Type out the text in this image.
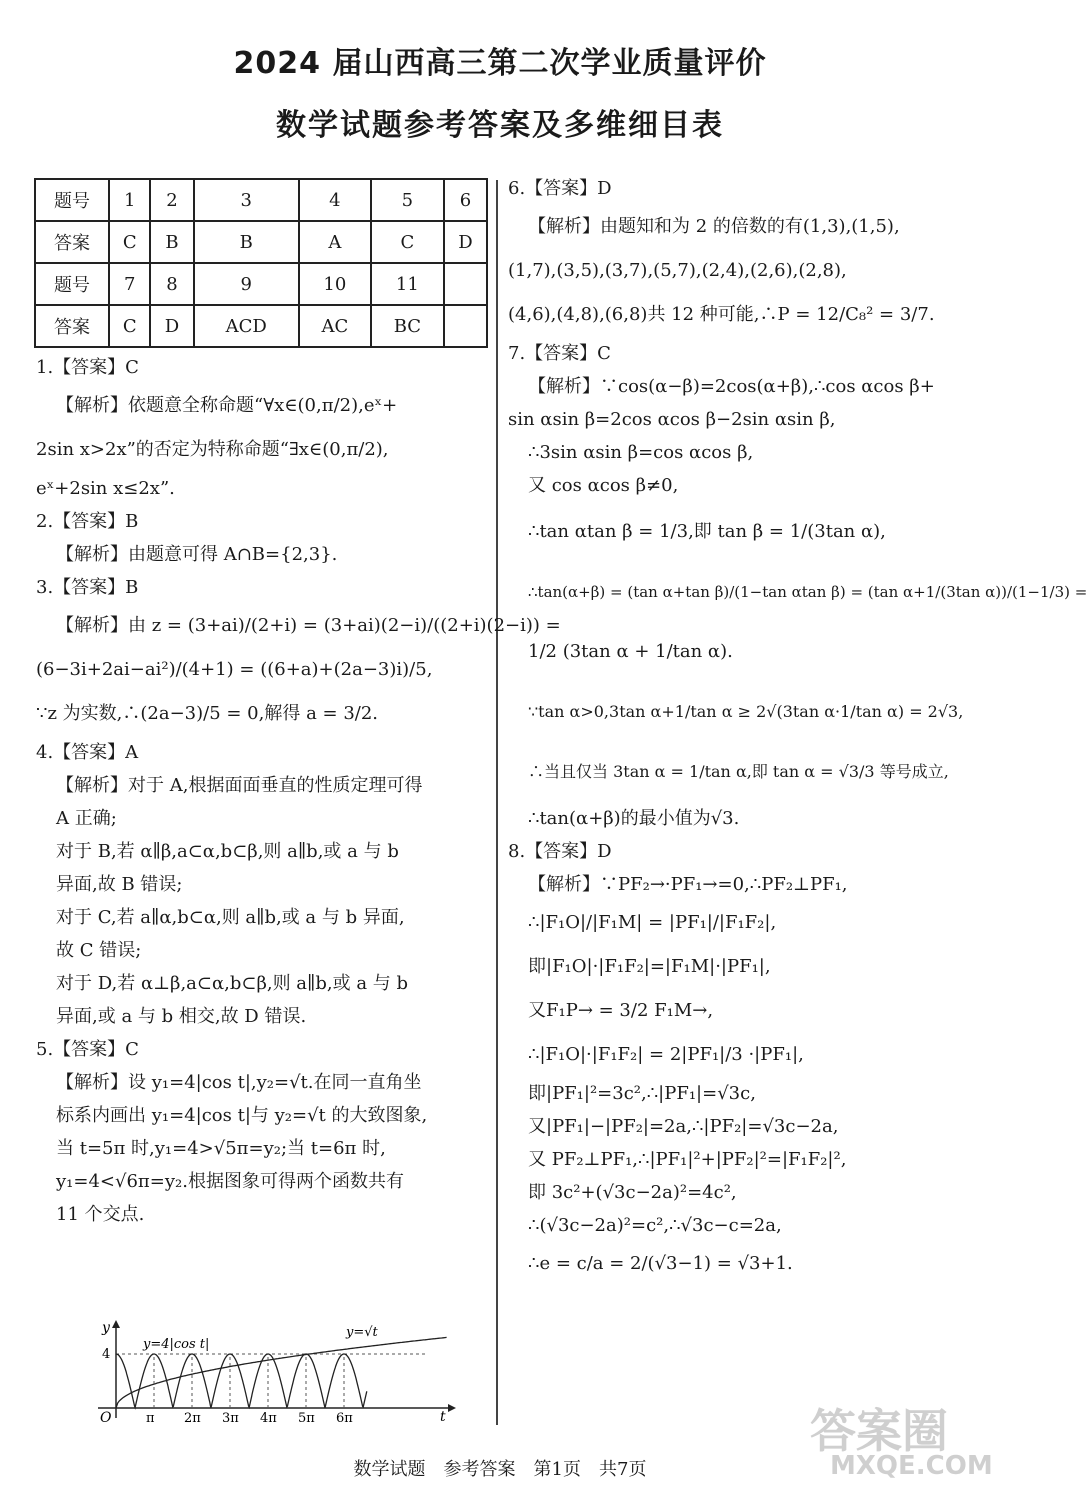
2024 届山西高三第二次学业质量评价
数学试题参考答案及多维细目表
题号	1	2	3	4	5	6
答案	C	B	B	A	C	D
题号	7	8	9	10	11	
答案	C	D	ACD	AC	BC	
1.【答案】C
【解析】依题意全称命题“∀x∈(0,π/2),eˣ+
2sin x>2x”的否定为特称命题“∃x∈(0,π/2),
eˣ+2sin x≤2x”.
2.【答案】B
【解析】由题意可得 A∩B={2,3}.
3.【答案】B
【解析】由 z = (3+ai)/(2+i) = (3+ai)(2−i)/((2+i)(2−i)) =
(6−3i+2ai−ai²)/(4+1) = ((6+a)+(2a−3)i)/5,
∵z 为实数,∴(2a−3)/5 = 0,解得 a = 3/2.
4.【答案】A
【解析】对于 A,根据面面垂直的性质定理可得
A 正确;
对于 B,若 α∥β,a⊂α,b⊂β,则 a∥b,或 a 与 b
异面,故 B 错误;
对于 C,若 a∥α,b⊂α,则 a∥b,或 a 与 b 异面,
故 C 错误;
对于 D,若 α⊥β,a⊂α,b⊂β,则 a∥b,或 a 与 b
异面,或 a 与 b 相交,故 D 错误.
5.【答案】C
【解析】设 y₁=4|cos t|,y₂=√t.在同一直角坐
标系内画出 y₁=4|cos t|与 y₂=√t 的大致图象,
当 t=5π 时,y₁=4>√5π=y₂;当 t=6π 时,
y₁=4<√6π=y₂.根据图象可得两个函数共有
11 个交点.
y
t
O
4
π 2π 3π 4π 5π 6π
y=4|cos t|
y=√t
6.【答案】D
【解析】由题知和为 2 的倍数的有(1,3),(1,5),
(1,7),(3,5),(3,7),(5,7),(2,4),(2,6),(2,8),
(4,6),(4,8),(6,8)共 12 种可能,∴P = 12/C₈² = 3/7.
7.【答案】C
【解析】∵cos(α−β)=2cos(α+β),∴cos αcos β+
sin αsin β=2cos αcos β−2sin αsin β,
∴3sin αsin β=cos αcos β,
又 cos αcos β≠0,
∴tan αtan β = 1/3,即 tan β = 1/(3tan α),
∴tan(α+β) = (tan α+tan β)/(1−tan αtan β) = (tan α+1/(3tan α))/(1−1/3) =
1/2 (3tan α + 1/tan α).
∵tan α>0,3tan α+1/tan α ≥ 2√(3tan α·1/tan α) = 2√3,
∴当且仅当 3tan α = 1/tan α,即 tan α = √3/3 等号成立,
∴tan(α+β)的最小值为√3.
8.【答案】D
【解析】∵PF₂→·PF₁→=0,∴PF₂⊥PF₁,
∴|F₁O|/|F₁M| = |PF₁|/|F₁F₂|,
即|F₁O|·|F₁F₂|=|F₁M|·|PF₁|,
又F₁P→ = 3/2 F₁M→,
∴|F₁O|·|F₁F₂| = 2|PF₁|/3 ·|PF₁|,
即|PF₁|²=3c²,∴|PF₁|=√3c,
又|PF₁|−|PF₂|=2a,∴|PF₂|=√3c−2a,
又 PF₂⊥PF₁,∴|PF₁|²+|PF₂|²=|F₁F₂|²,
即 3c²+(√3c−2a)²=4c²,
∴(√3c−2a)²=c²,∴√3c−c=2a,
∴e = c/a = 2/(√3−1) = √3+1.
数学试题　参考答案　第1页　共7页
答案圈
MXQE.COM
